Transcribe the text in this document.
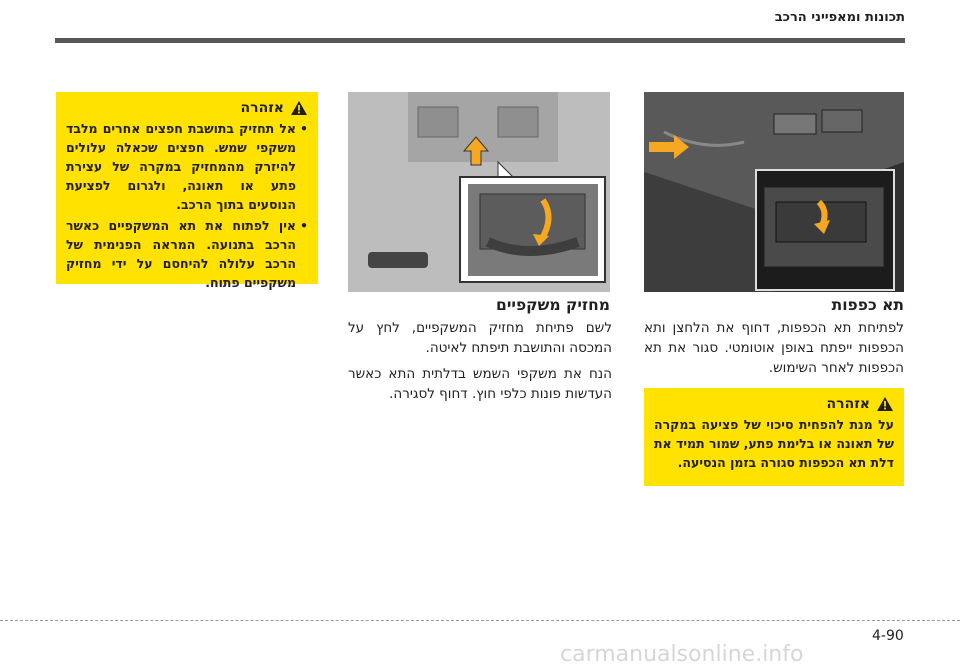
תכונות ומאפייני הרכב
תא כפפות
לפתיחת תא הכפפות, דחוף את הלחצן ותא הכפפות ייפתח באופן אוטומטי. סגור את תא הכפפות לאחר השימוש.
אזהרה
על מנת להפחית סיכוי של פציעה במקרה של תאונה או בלימת פתע, שמור תמיד את דלת תא הכפפות סגורה בזמן הנסיעה.
מחזיק משקפיים

לשם פתיחת מחזיק המשקפיים, לחץ על המכסה והתושבת תיפתח לאיטה.

הנח את משקפי השמש בדלתית התא כאשר העדשות פונות כלפי חוץ. דחוף לסגירה.

אזהרה
• אל תחזיק בתושבת חפצים אחרים מלבד משקפי שמש. חפצים שכאלה עלולים להיזרק מהמחזיק במקרה של עצירת פתע או תאונה, ולגרום לפציעת הנוסעים בתוך הרכב.
• אין לפתוח את תא המשקפיים כאשר הרכב בתנועה. המראה הפנימית של הרכב עלולה להיחסם על ידי מחזיק משקפיים פתוח.
4-90
carmanualsonline.info
